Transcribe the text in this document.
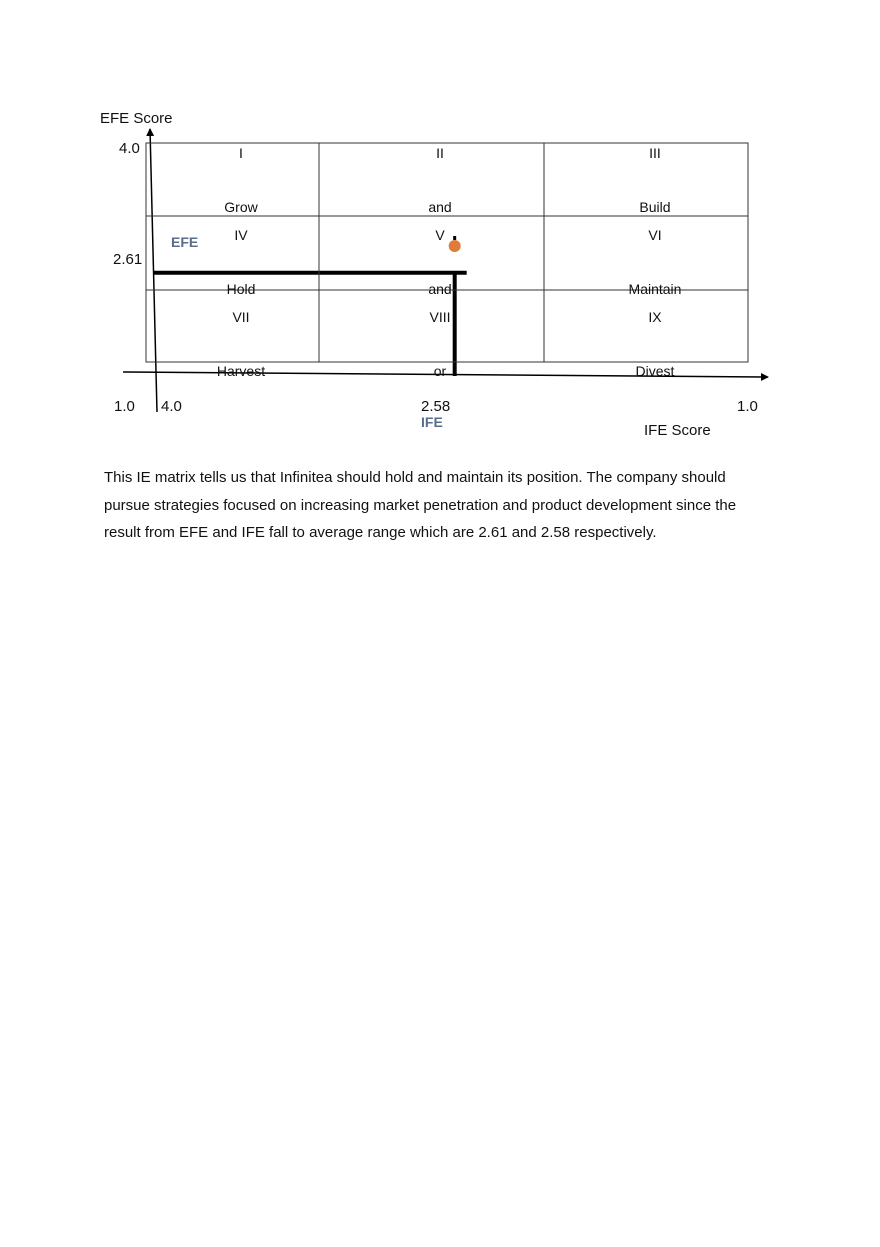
EFE Score
IFE Score
4.0
2.61
1.0 4.0	2.58	1.0
EFE
IFE
I
Grow
II
and
III
Build
IV
Hold
V
and
VI
Maintain
VII
Harvest
VIII
or
IX
Divest

This IE matrix tells us that Infinitea should hold and maintain its position. The company should
pursue strategies focused on increasing market penetration and product development since the
result from EFE and IFE fall to average range which are 2.61 and 2.58 respectively.
